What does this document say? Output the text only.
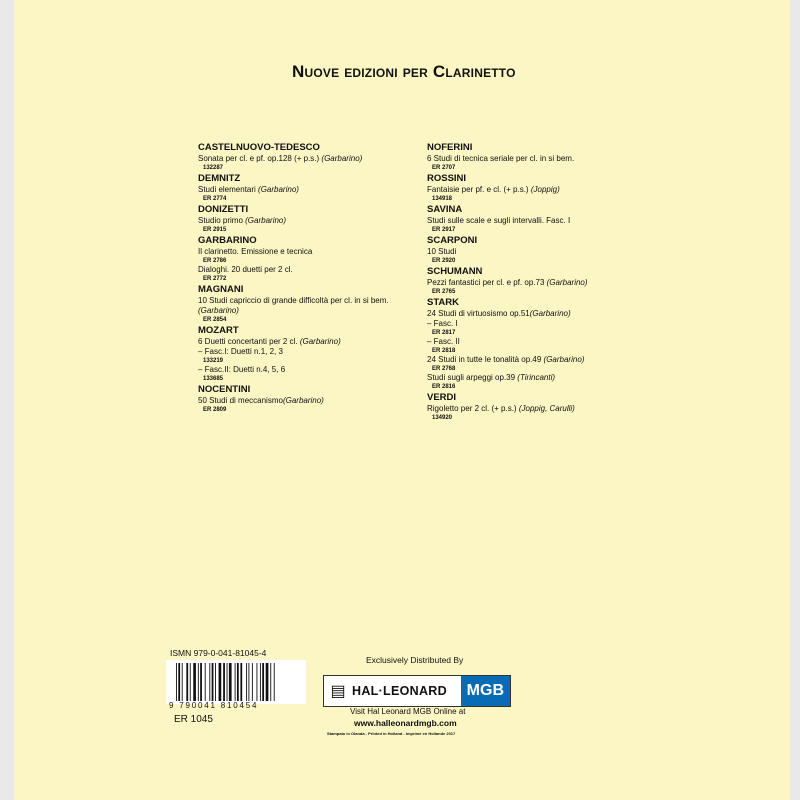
Nuove edizioni per Clarinetto
CASTELNUOVO-TEDESCO
Sonata per cl. e pf. op.128 (+ p.s.) (Garbarino)
132287
DEMNITZ
Studi elementari (Garbarino)
ER 2774
DONIZETTI
Studio primo (Garbarino)
ER 2915
GARBARINO
Il clarinetto. Emissione e tecnica
ER 2786
Dialoghi. 20 duetti per 2 cl.
ER 2772
MAGNANI
10 Studi capriccio di grande difficoltà per cl. in si bem.
(Garbarino)
ER 2854
MOZART
6 Duetti concertanti per 2 cl. (Garbarino)
– Fasc.I: Duetti n.1, 2, 3
133219
– Fasc.II: Duetti n.4, 5, 6
133685
NOCENTINI
50 Studi di meccanismo(Garbarino)
ER 2809
NOFERINI
6 Studi di tecnica seriale per cl. in si bem.
ER 2707
ROSSINI
Fantaisie per pf. e cl. (+ p.s.) (Joppig)
134918
SAVINA
Studi sulle scale e sugli intervalli. Fasc. I
ER 2917
SCARPONI
10 Studi
ER 2920
SCHUMANN
Pezzi fantastici per cl. e pf. op.73 (Garbarino)
ER 2765
STARK
24 Studi di virtuosismo op.51(Garbarino)
– Fasc. I
ER 2817
– Fasc. II
ER 2818
24 Studi in tutte le tonalità op.49 (Garbarino)
ER 2768
Studi sugli arpeggi op.39 (Tirincanti)
ER 2816
VERDI
Rigoletto per 2 cl. (+ p.s.) (Joppig, Carulli)
134920
ISMN 979-0-041-81045-4
9 790041 810454
ER 1045
Exclusively Distributed By
▤ HAL·LEONARD	MGB
Visit Hal Leonard MGB Online at
www.halleonardmgb.com
Stampato in Olanda - Printed in Holland - Imprimé en Hollande 2017
